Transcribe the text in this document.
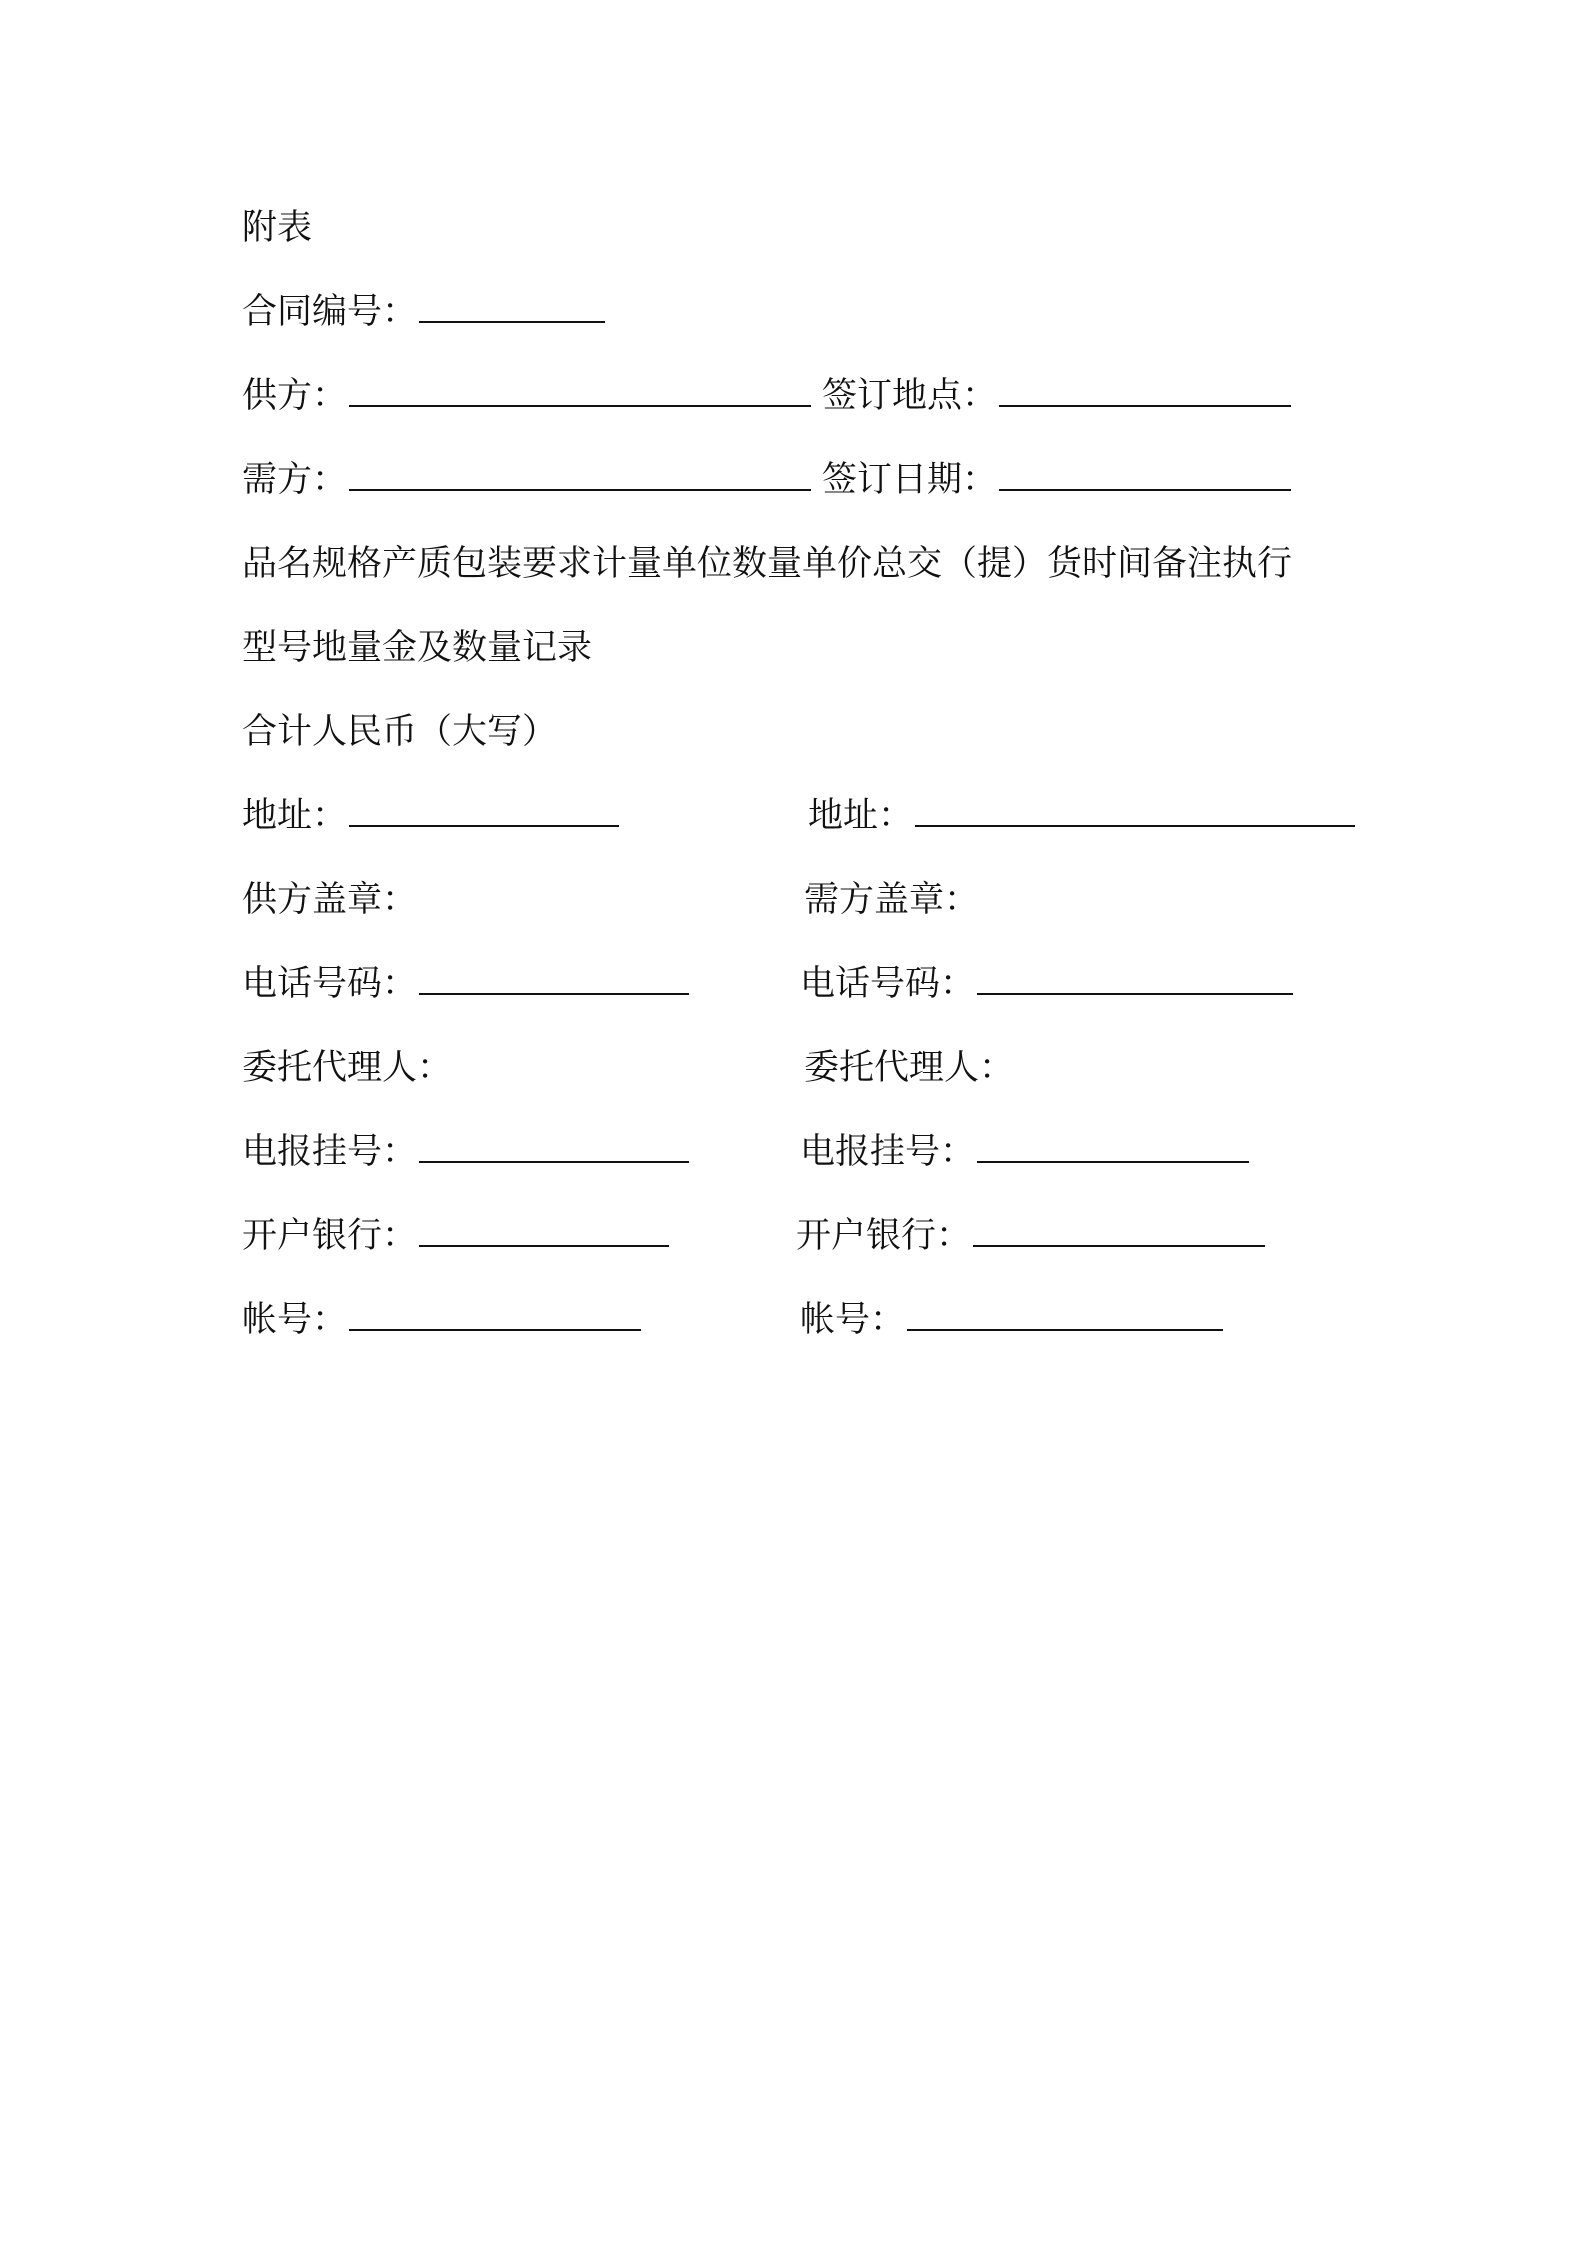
附表
合同编号：
供方：	签订地点：
需方：	签订日期：
品名规格产质包装要求计量单位数量单价总交（提）货时间备注执行
型号地量金及数量记录
合计人民币（大写）
地址：	地址：
供方盖章：	需方盖章：
电话号码：	电话号码：
委托代理人：	委托代理人：
电报挂号：	电报挂号：
开户银行：	开户银行：
帐号：	帐号：
